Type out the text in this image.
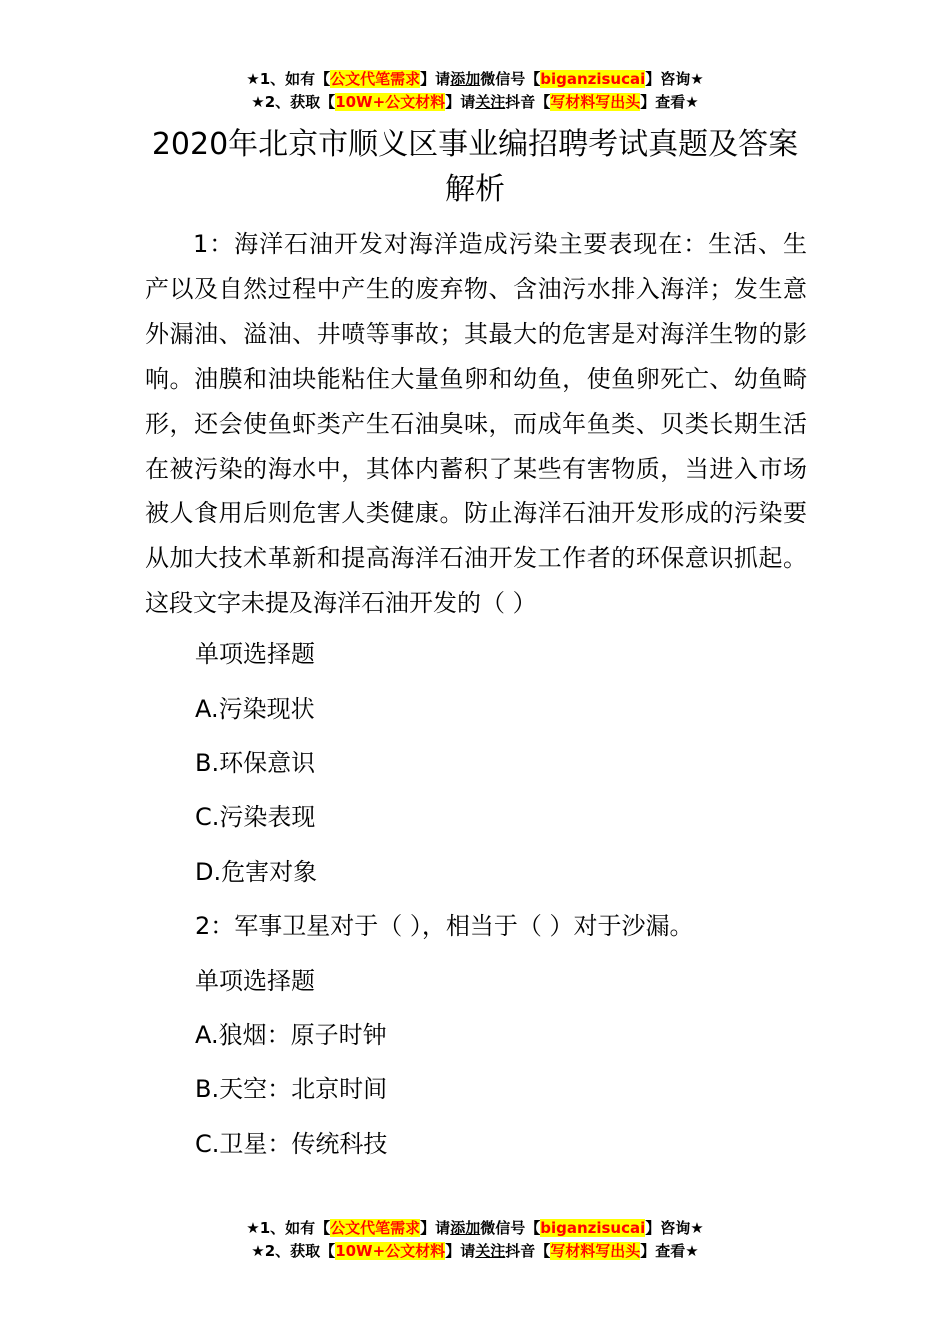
★1、如有【公文代笔需求】请添加微信号【biganzisucai】咨询★
★2、获取【10W+公文材料】请关注抖音【写材料写出头】查看★
2020年北京市顺义区事业编招聘考试真题及答案解析

1：海洋石油开发对海洋造成污染主要表现在：生活、生产以及自然过程中产生的废弃物、含油污水排入海洋；发生意外漏油、溢油、井喷等事故；其最大的危害是对海洋生物的影响。油膜和油块能粘住大量鱼卵和幼鱼，使鱼卵死亡、幼鱼畸形，还会使鱼虾类产生石油臭味，而成年鱼类、贝类长期生活在被污染的海水中，其体内蓄积了某些有害物质，当进入市场被人食用后则危害人类健康。防止海洋石油开发形成的污染要从加大技术革新和提高海洋石油开发工作者的环保意识抓起。这段文字未提及海洋石油开发的（ ）

单项选择题
A.污染现状
B.环保意识
C.污染表现
D.危害对象
2：军事卫星对于（ ），相当于（ ）对于沙漏。
单项选择题
A.狼烟：原子时钟
B.天空：北京时间
C.卫星：传统科技
★1、如有【公文代笔需求】请添加微信号【biganzisucai】咨询★
★2、获取【10W+公文材料】请关注抖音【写材料写出头】查看★
